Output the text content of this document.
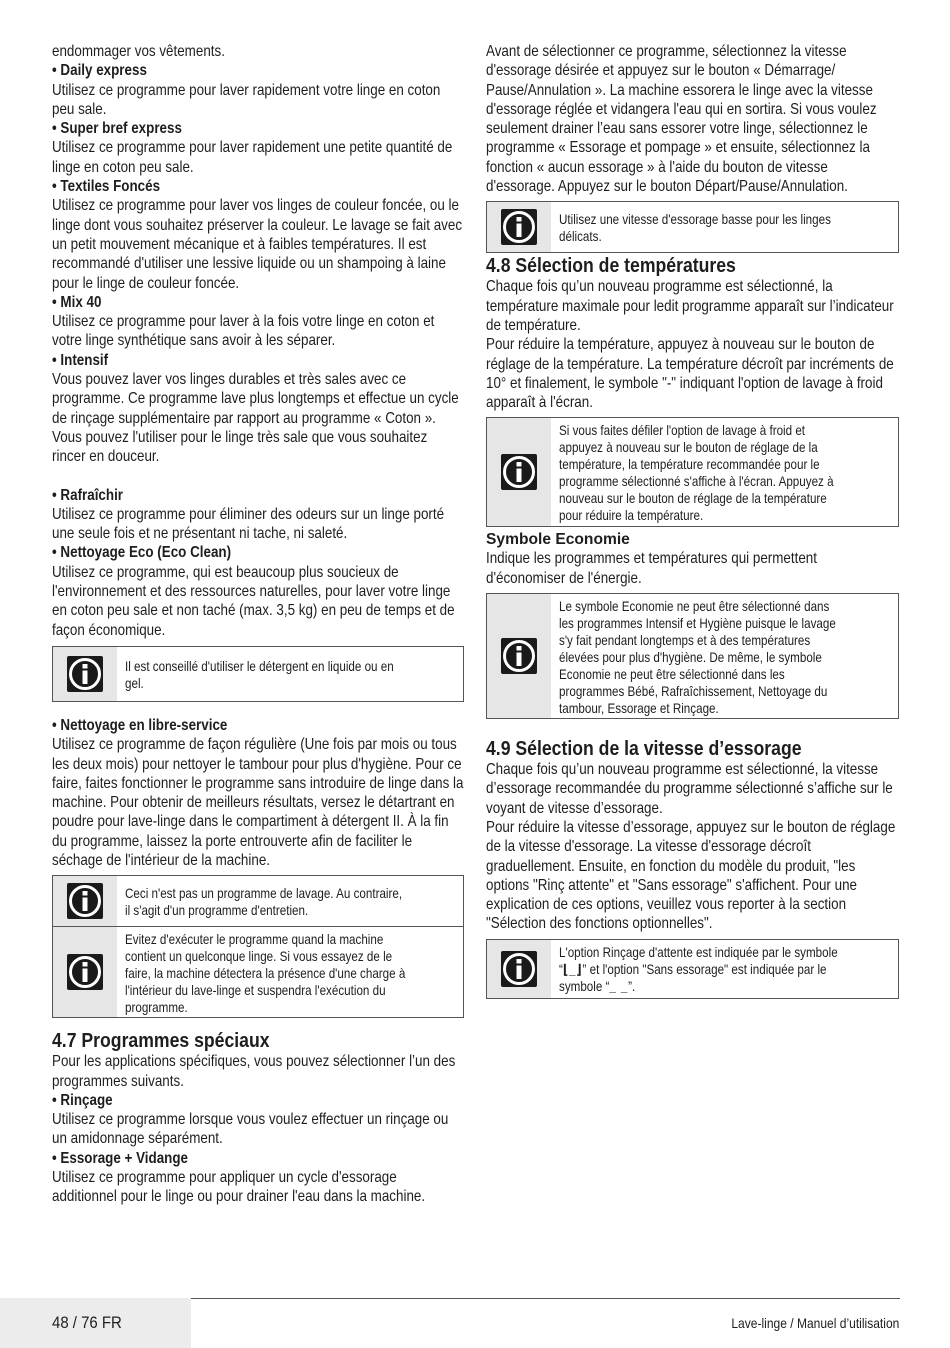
endommager vos vêtements.
• Daily express
Utilisez ce programme pour laver rapidement votre linge en coton peu sale.
• Super bref express
Utilisez ce programme pour laver rapidement une petite quantité de linge en coton peu sale.
• Textiles Foncés
Utilisez ce programme pour laver vos linges de couleur foncée, ou le linge dont vous souhaitez préserver la couleur. Le lavage se fait avec un petit mouvement mécanique et à faibles températures. Il est recommandé d'utiliser une lessive liquide ou un shampoing à laine pour le linge de couleur foncée.
• Mix 40
Utilisez ce programme pour laver à la fois votre linge en coton et votre linge synthétique sans avoir à les séparer.
• Intensif
Vous pouvez laver vos linges durables et très sales avec ce programme. Ce programme lave plus longtemps et effectue un cycle de rinçage supplémentaire par rapport au programme « Coton ». Vous pouvez l'utiliser pour le linge très sale que vous souhaitez rincer en douceur.
• Rafraîchir
Utilisez ce programme pour éliminer des odeurs sur un linge porté une seule fois et ne présentant ni tache, ni saleté.
• Nettoyage Eco (Eco Clean)
Utilisez ce programme, qui est beaucoup plus soucieux de l'environnement et des ressources naturelles, pour laver votre linge en coton peu sale et non taché (max. 3,5 kg) en peu de temps et de façon économique.
Il est conseillé d'utiliser le détergent en liquide ou en gel.
• Nettoyage en libre-service
Utilisez ce programme de façon régulière (Une fois par mois ou tous les deux mois) pour nettoyer le tambour pour plus d'hygiène. Pour ce faire, faites fonctionner le programme sans introduire de linge dans la machine. Pour obtenir de meilleurs résultats, versez le détartrant en poudre pour lave-linge dans le compartiment à détergent II. À la fin du programme, laissez la porte entrouverte afin de faciliter le séchage de l'intérieur de la machine.
Ceci n'est pas un programme de lavage. Au contraire, il s'agit d'un programme d'entretien.
Evitez d'exécuter le programme quand la machine contient un quelconque linge. Si vous essayez de le faire, la machine détectera la présence d'une charge à l'intérieur du lave-linge et suspendra l'exécution du programme.
4.7 Programmes spéciaux
Pour les applications spécifiques, vous pouvez sélectionner l’un des programmes suivants.
• Rinçage
Utilisez ce programme lorsque vous voulez effectuer un rinçage ou un amidonnage séparément.
• Essorage + Vidange
Utilisez ce programme pour appliquer un cycle d'essorage additionnel pour le linge ou pour drainer l'eau dans la machine.
Avant de sélectionner ce programme, sélectionnez la vitesse d'essorage désirée et appuyez sur le bouton « Démarrage/ Pause/Annulation ». La machine essorera le linge avec la vitesse d'essorage réglée et vidangera l'eau qui en sortira. Si vous voulez seulement drainer l’eau sans essorer votre linge, sélectionnez le programme « Essorage et pompage » et ensuite, sélectionnez la fonction « aucun essorage » à l'aide du bouton de vitesse d'essorage. Appuyez sur le bouton Départ/Pause/Annulation.
Utilisez une vitesse d'essorage basse pour les linges délicats.
4.8 Sélection de températures
Chaque fois qu’un nouveau programme est sélectionné, la température maximale pour ledit programme apparaît sur l’indicateur de température.
Pour réduire la température, appuyez à nouveau sur le bouton de réglage de la température. La température décroît par incréments de 10° et finalement, le symbole "-" indiquant l'option de lavage à froid apparaît à l'écran.
Si vous faites défiler l'option de lavage à froid et appuyez à nouveau sur le bouton de réglage de la température, la température recommandée pour le programme sélectionné s'affiche à l'écran. Appuyez à nouveau sur le bouton de réglage de la température pour réduire la température.
Symbole Economie
Indique les programmes et températures qui permettent d'économiser de l'énergie.
Le symbole Economie ne peut être sélectionné dans les programmes Intensif et Hygiène puisque le lavage s'y fait pendant longtemps et à des températures élevées pour plus d'hygiène. De même, le symbole Economie ne peut être sélectionné dans les programmes Bébé, Rafraîchissement, Nettoyage du tambour, Essorage et Rinçage.
4.9 Sélection de la vitesse d’essorage
Chaque fois qu’un nouveau programme est sélectionné, la vitesse d’essorage recommandée du programme sélectionné s’affiche sur le voyant de vitesse d’essorage.
Pour réduire la vitesse d’essorage, appuyez sur le bouton de réglage de la vitesse d'essorage. La vitesse d'essorage décroît graduellement. Ensuite, en fonction du modèle du produit, "les options "Rinç attente" et "Sans essorage" s'affichent. Pour une explication de ces options, veuillez vous reporter à la section "Sélection des fonctions optionnelles".
L'option Rinçage d'attente est indiquée par le symbole “⌊_⌋” et l'option "Sans essorage" est indiquée par le symbole “_ _”.
48 / 76 FR	Lave-linge / Manuel d’utilisation
